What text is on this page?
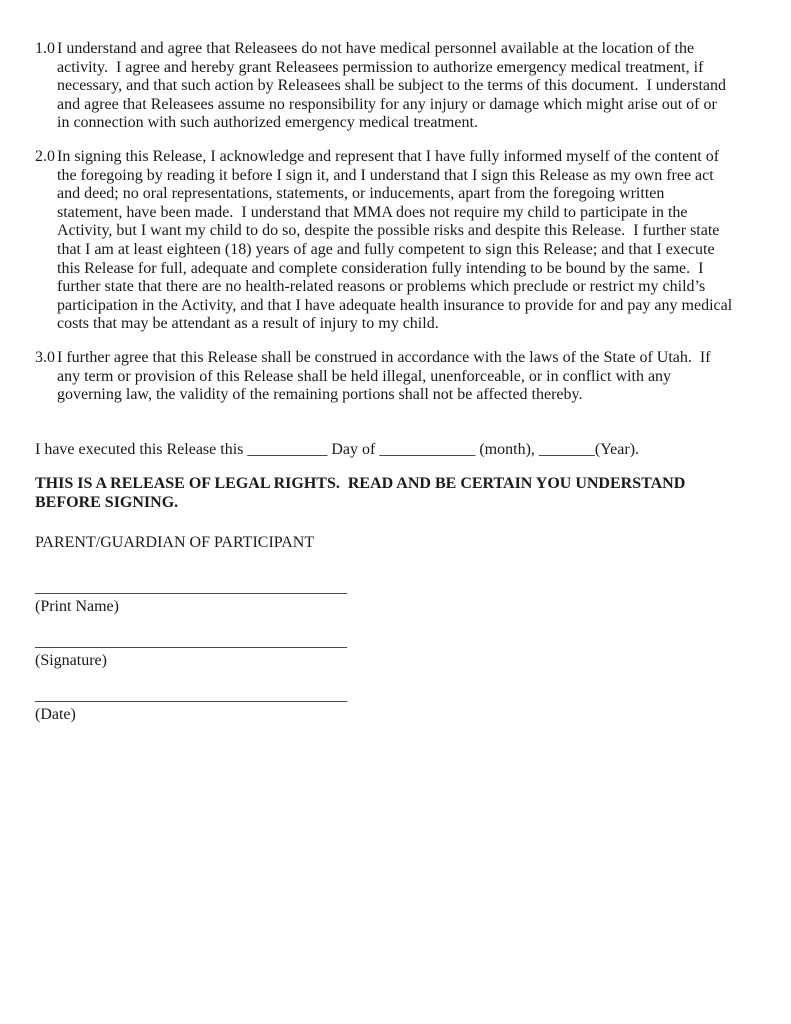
1.0 I understand and agree that Releasees do not have medical personnel available at the location of the activity.  I agree and hereby grant Releasees permission to authorize emergency medical treatment, if necessary, and that such action by Releasees shall be subject to the terms of this document.  I understand and agree that Releasees assume no responsibility for any injury or damage which might arise out of or in connection with such authorized emergency medical treatment.
2.0 In signing this Release, I acknowledge and represent that I have fully informed myself of the content of the foregoing by reading it before I sign it, and I understand that I sign this Release as my own free act and deed; no oral representations, statements, or inducements, apart from the foregoing written statement, have been made.  I understand that MMA does not require my child to participate in the Activity, but I want my child to do so, despite the possible risks and despite this Release.  I further state that I am at least eighteen (18) years of age and fully competent to sign this Release; and that I execute this Release for full, adequate and complete consideration fully intending to be bound by the same.  I further state that there are no health-related reasons or problems which preclude or restrict my child’s participation in the Activity, and that I have adequate health insurance to provide for and pay any medical costs that may be attendant as a result of injury to my child.
3.0 I further agree that this Release shall be construed in accordance with the laws of the State of Utah.  If any term or provision of this Release shall be held illegal, unenforceable, or in conflict with any governing law, the validity of the remaining portions shall not be affected thereby.
I have executed this Release this __________ Day of ____________ (month), _______(Year).
THIS IS A RELEASE OF LEGAL RIGHTS.  READ AND BE CERTAIN YOU UNDERSTAND BEFORE SIGNING.
PARENT/GUARDIAN OF PARTICIPANT
_______________________________________
(Print Name)
_______________________________________
(Signature)
_______________________________________
(Date)
